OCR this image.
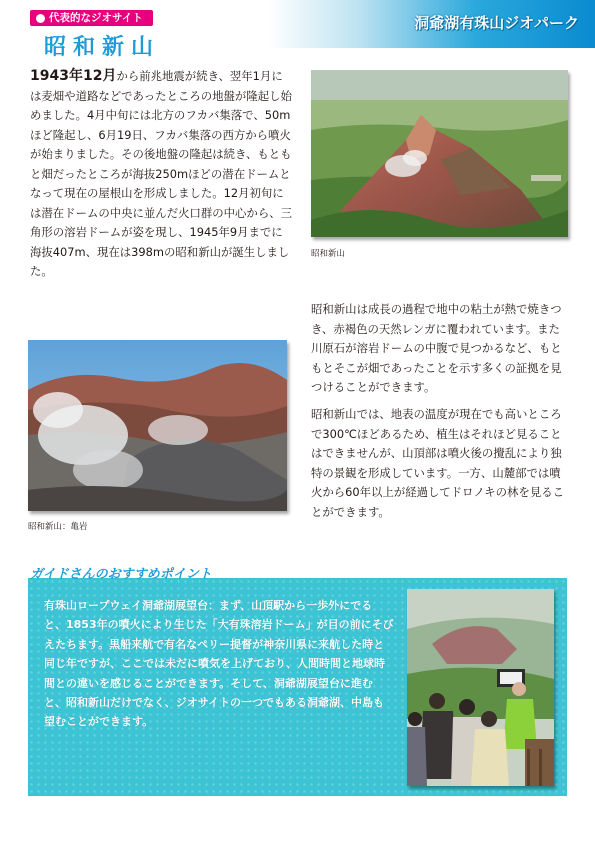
洞爺湖有珠山ジオパーク
代表的なジオサイト
昭和新山
1943年12月から前兆地震が続き、翌年1月には麦畑や道路などであったところの地盤が隆起し始めました。4月中旬には北方のフカバ集落で、50mほど隆起し、6月19日、フカバ集落の西方から噴火が始まりました。その後地盤の隆起は続き、もともと畑だったところが海抜250mほどの潜在ドームとなって現在の屋根山を形成しました。12月初旬には潜在ドームの中央に並んだ火口群の中心から、三角形の溶岩ドームが姿を現し、1945年9月までに海抜407m、現在は398mの昭和新山が誕生しました。
昭和新山
昭和新山：亀岩
昭和新山は成長の過程で地中の粘土が熱で焼きつき、赤褐色の天然レンガに覆われています。また川原石が溶岩ドームの中腹で見つかるなど、もともとそこが畑であったことを示す多くの証拠を見つけることができます。
昭和新山では、地表の温度が現在でも高いところで300℃ほどあるため、植生はそれほど見ることはできませんが、山頂部は噴火後の攪乱により独特の景観を形成しています。一方、山麓部では噴火から60年以上が経過してドロノキの林を見ることができます。
ガイドさんのおすすめポイント
有珠山ロープウェイ洞爺湖展望台：まず、山頂駅から一歩外にでると、1853年の噴火により生じた「大有珠溶岩ドーム」が目の前にそびえたちます。黒船来航で有名なペリー提督が神奈川県に来航した時と同じ年ですが、ここでは未だに噴気を上げており、人間時間と地球時間との違いを感じることができます。そして、洞爺湖展望台に進むと、昭和新山だけでなく、ジオサイトの一つでもある洞爺湖、中島も望むことができます。
